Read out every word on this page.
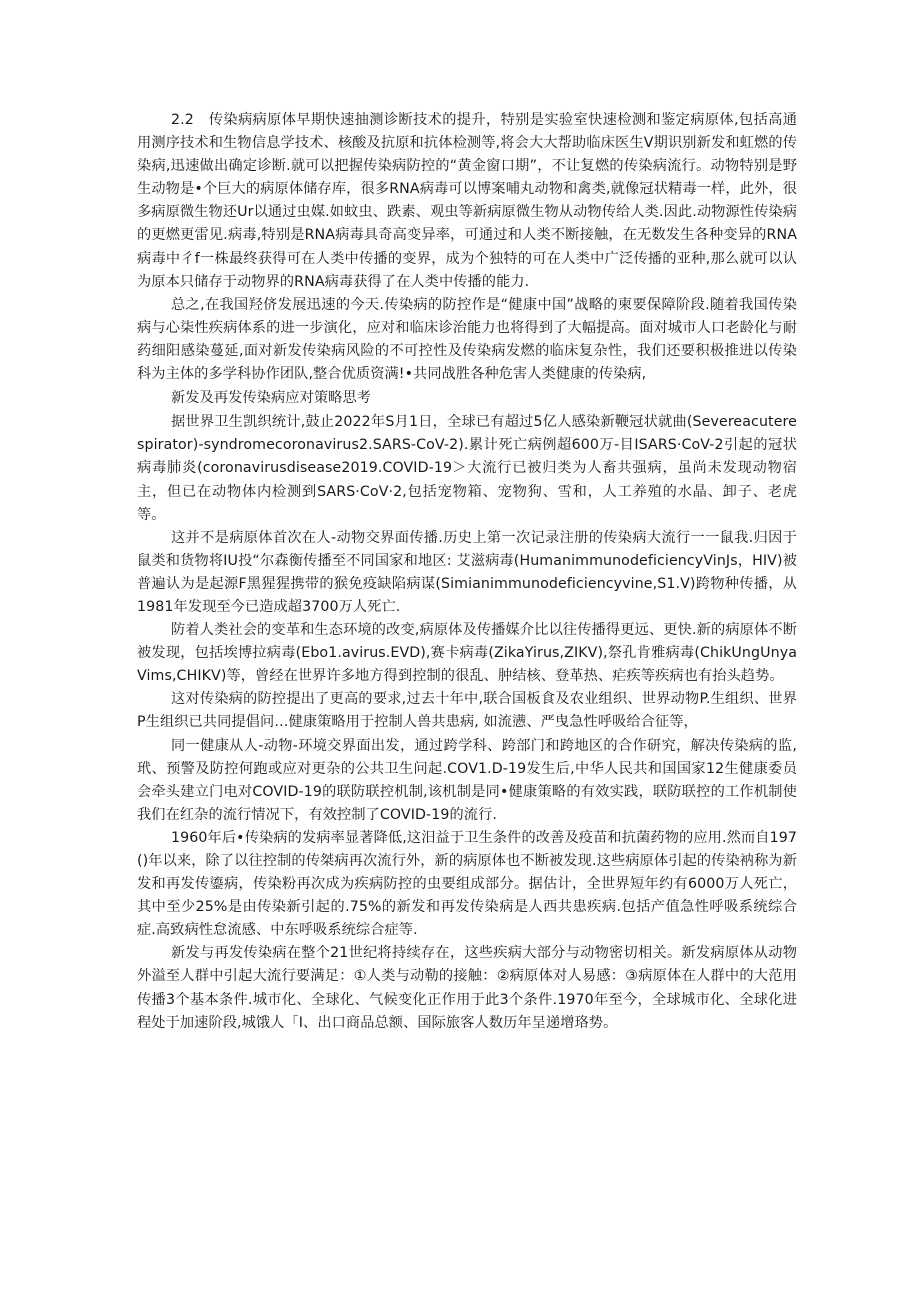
2.2　传染病病原体早期快速抽测诊断技术的提升，特别是实验室快速检测和鉴定病原体,包括高通用测序技术和生物信息学技术、核酸及抗原和抗体检测等,将会大大帮助临床医生V期识别新发和虹燃的传染病,迅速做出确定诊断.就可以把握传染病防控的“黄金窗口期”，不让复燃的传染病流行。动物特别是野生动物是•个巨大的病原体储存库，很多RNA病毒可以博案哺丸动物和禽类,就像冠状精毒一样，此外，很多病原微生物还Ur以通过虫媒.如蚊虫、跌素、观虫等新病原微生物从动物传给人类.因此.动物源性传染病的更燃更雷见.病毒,特别是RNA病毒具奇高变异率，可通过和人类不断接触，在无数发生各种变异的RNA病毒中彳f一株最终获得可在人类中传播的变界，成为个独特的可在人类中广泛传播的亚种,那么就可以认为原本只储存于动物界的RNA病毒获得了在人类中传播的能力.

总之,在我国羟侪发展迅速的今天.传染病的防控作是“健康中国”战略的柬要保障阶段.随着我国传染病与心柒性疾病体系的进一步演化，应对和临床诊治能力也将得到了大幅提高。面对城市人口老龄化与耐药细阳感染蔓延,面对新发传染病风险的不可控性及传染病发燃的临床复杂性，我们还要积极推进以传染科为主体的多学科协作团队,整合优质资满!•共同战胜各种危害人类健康的传染病,

新发及再发传染病应对策略思考

据世界卫生凯织统计,鼓止2022年S月1日，全球已有超过5亿人感染新鞭冠状就曲(Severeacuterespirator)-syndromecoronavirus2.SARS-CoV-2).累计死亡病例超600万-目ISARS·CoV-2引起的冠状病毒肺炎(coronavirusdisease2019.COVID-19＞大流行已被归类为人畜共强病，虽尚未发现动物宿主，但已在动物体内检测到SARS·CoV·2,包括宠物箱、宠物狗、雪和，人工养殖的水晶、卸子、老虎等。

这并不是病原体首次在人-动物交界面传播.历史上第一次记录注册的传染病大流行一一鼠我.归因于鼠类和货物将IU投“尔森衡传播至不同国家和地区: 艾滋病毒(HumanimmunodeficiencyVinJs，HIV)被普遍认为是起源F黑猩猩携带的猴免疫缺陷病谋(Simianimmunodeficiencyvine,S1.V)跨物种传播，从1981年发现至今已造成超3700万人死亡.

防着人类社会的变革和生态环境的改变,病原体及传播媒介比以往传播得更远、更快.新的病原体不断被发现，包括埃博拉病毒(Ebo1.avirus.EVD),赛卡病毒(ZikaYirus,ZIKV),祭孔肯雅病毒(ChikUngUnyaVims,CHIKV)等，曾经在世界许多地方得到控制的很乱、肿结核、登革热、疟疾等疾病也有抬头趋势。

这对传染病的防控提出了更高的要求,过去十年中,联合国板食及农业组织、世界动物P.生组织、世界P生组织已共同提倡问…健康策略用于控制人兽共患病, 如流懑、严曳急性呼吸给合征等，

同一健康从人-动物-环境交界面出发，通过跨学科、跨部门和跨地区的合作研究，解决传染病的监,玳、预警及防控何跑或应对更杂的公共卫生问起.COV1.D-19发生后,中华人民共和国国家12生健康委员会牵头建立门电对COVID-19的联防联控机制,该机制是同•健康策略的有效实践，联防联控的工作机制使我们在红杂的流行情况下，有效控制了COVID-19的流行.

1960年后•传染病的发病率显著降低,这汨益于卫生条件的改善及疫苗和抗菌药物的应用.然而自197()年以来，除了以往控制的传桀病再次流行外，新的病原体也不断被发现.这些病原体引起的传染衲称为新发和再发传鎏病，传染粉再次成为疾病防控的虫要组成部分。据估计，全世界短年约有6000万人死亡，其中至少25%是由传染新引起的.75%的新发和再发传染病是人西共患疾病.包括产值急性呼吸系统综合症.高致病性怠流感、中东呼吸系统综合症等.

新发与再发传染病在整个21世纪将持续存在，这些疾病大部分与动物密切相关。新发病原体从动物外溢至人群中引起大流行要满足：①人类与动勒的接触：②病原体对人易感：③病原体在人群中的大范用传播3个基本条件.城市化、全球化、气候变化正作用于此3个条件.1970年至今，全球城市化、全球化进程处于加速阶段,城饿人「I、出口商品总额、国际旅客人数历年呈递增珞势。
